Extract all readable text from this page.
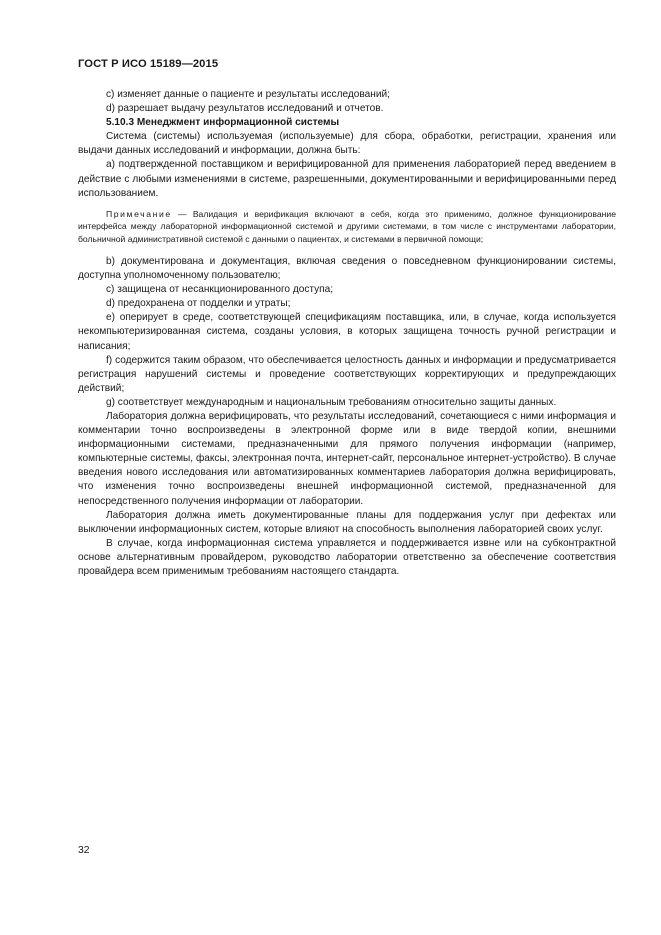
ГОСТ Р ИСО 15189—2015

c) изменяет данные о пациенте и результаты исследований;

d) разрешает выдачу результатов исследований и отчетов.

5.10.3 Менеджмент информационной системы

Система (системы) используемая (используемые) для сбора, обработки, регистрации, хранения или выдачи данных исследований и информации, должна быть:

a) подтвержденной поставщиком и верифицированной для применения лабораторией перед введением в действие с любыми изменениями в системе, разрешенными, документированными и верифицированными перед использованием.

Примечание — Валидация и верификация включают в себя, когда это применимо, должное функционирование интерфейса между лабораторной информационной системой и другими системами, в том числе с инструментами лаборатории, больничной административной системой с данными о пациентах, и системами в первичной помощи;

b) документирована и документация, включая сведения о повседневном функционировании системы, доступна уполномоченному пользователю;

c) защищена от несанкционированного доступа;

d) предохранена от подделки и утраты;

e) оперирует в среде, соответствующей спецификациям поставщика, или, в случае, когда используется некомпьютеризированная система, созданы условия, в которых защищена точность ручной регистрации и написания;

f) содержится таким образом, что обеспечивается целостность данных и информации и предусматривается регистрация нарушений системы и проведение соответствующих корректирующих и предупреждающих действий;

g) соответствует международным и национальным требованиям относительно защиты данных.

Лаборатория должна верифицировать, что результаты исследований, сочетающиеся с ними информация и комментарии точно воспроизведены в электронной форме или в виде твердой копии, внешними информационными системами, предназначенными для прямого получения информации (например, компьютерные системы, факсы, электронная почта, интернет-сайт, персональное интернет-устройство). В случае введения нового исследования или автоматизированных комментариев лаборатория должна верифицировать, что изменения точно воспроизведены внешней информационной системой, предназначенной для непосредственного получения информации от лаборатории.

Лаборатория должна иметь документированные планы для поддержания услуг при дефектах или выключении информационных систем, которые влияют на способность выполнения лабораторией своих услуг.

В случае, когда информационная система управляется и поддерживается извне или на субконтрактной основе альтернативным провайдером, руководство лаборатории ответственно за обеспечение соответствия провайдера всем применимым требованиям настоящего стандарта.

32
